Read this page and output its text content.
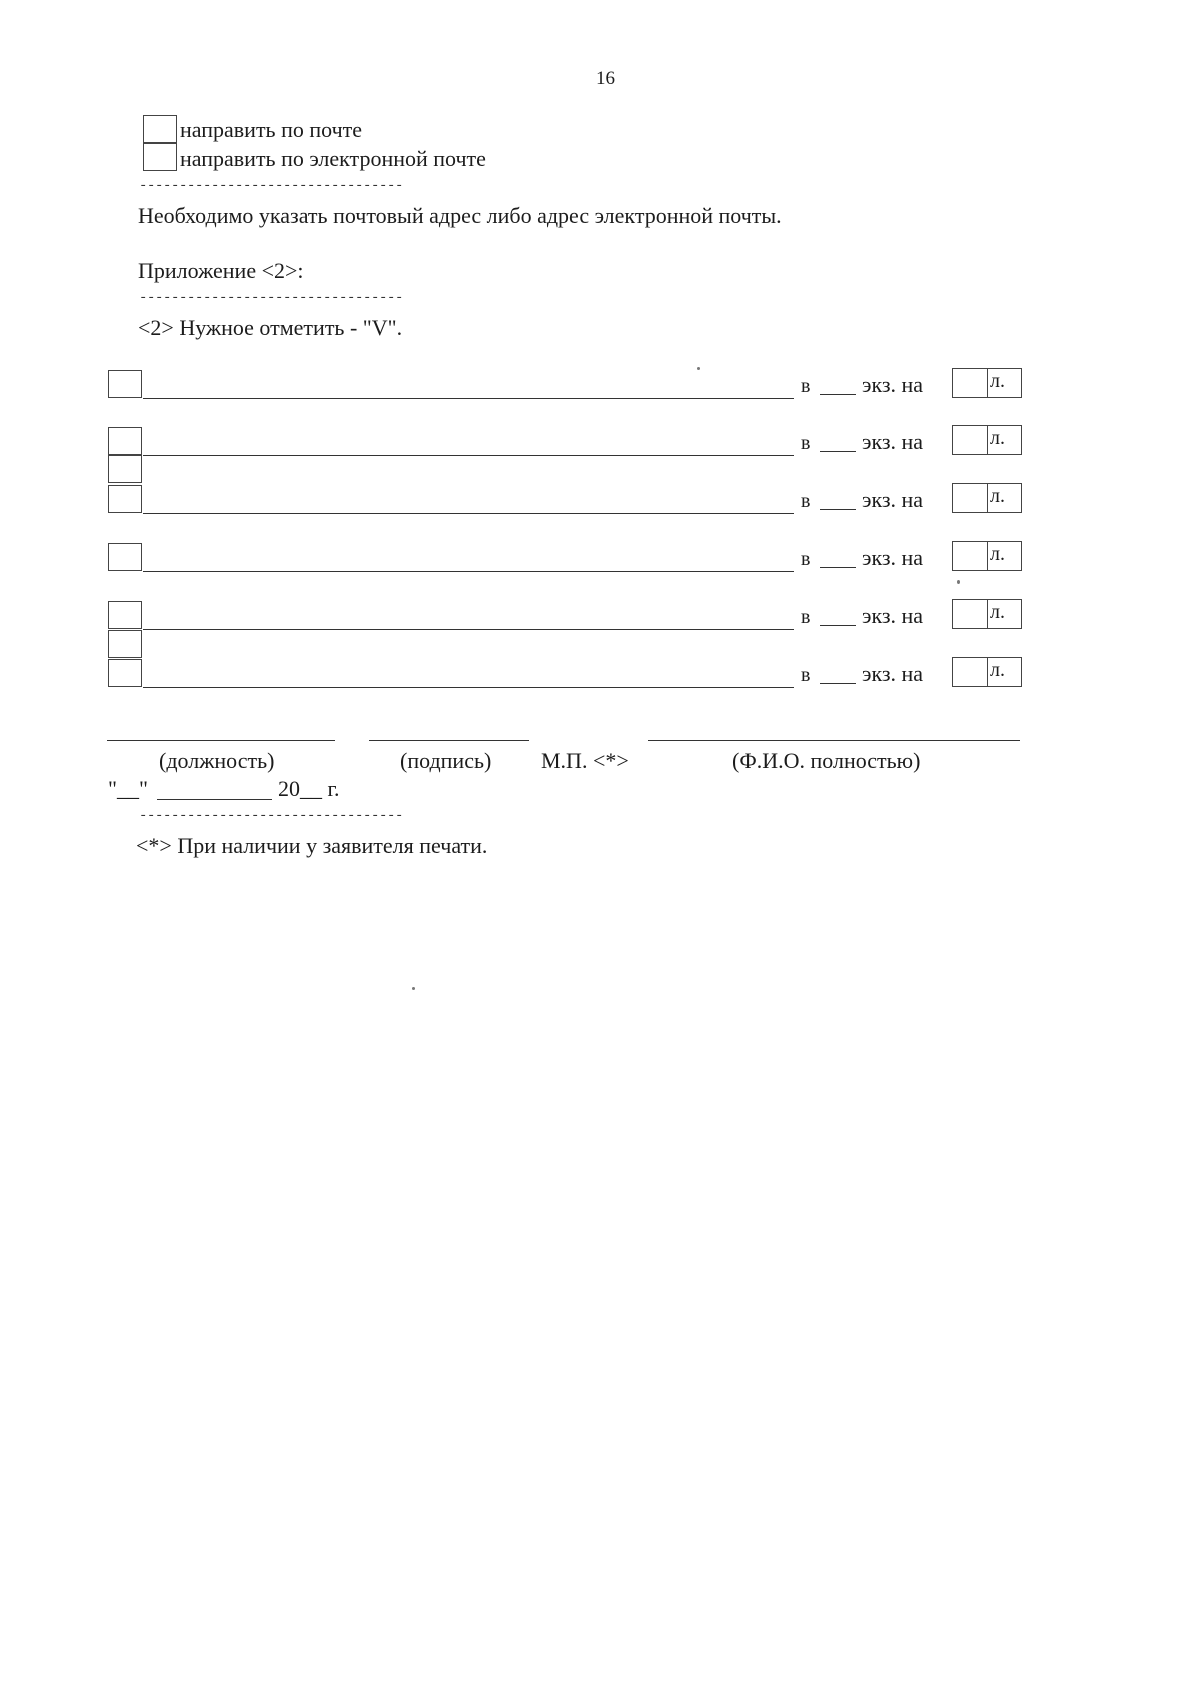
16
направить по почте
направить по электронной почте
---------------------------------
Необходимо указать почтовый адрес либо адрес электронной почты.
Приложение <2>:
---------------------------------
<2> Нужное отметить - "V".
в экз. на	л.
в экз. на	л.
в экз. на	л.
в экз. на	л.
в экз. на	л.
в экз. на	л.
(должность)	(подпись) М.П. <*>	(Ф.И.О. полностью)
"__"	20__ г.
---------------------------------
<*> При наличии у заявителя печати.
